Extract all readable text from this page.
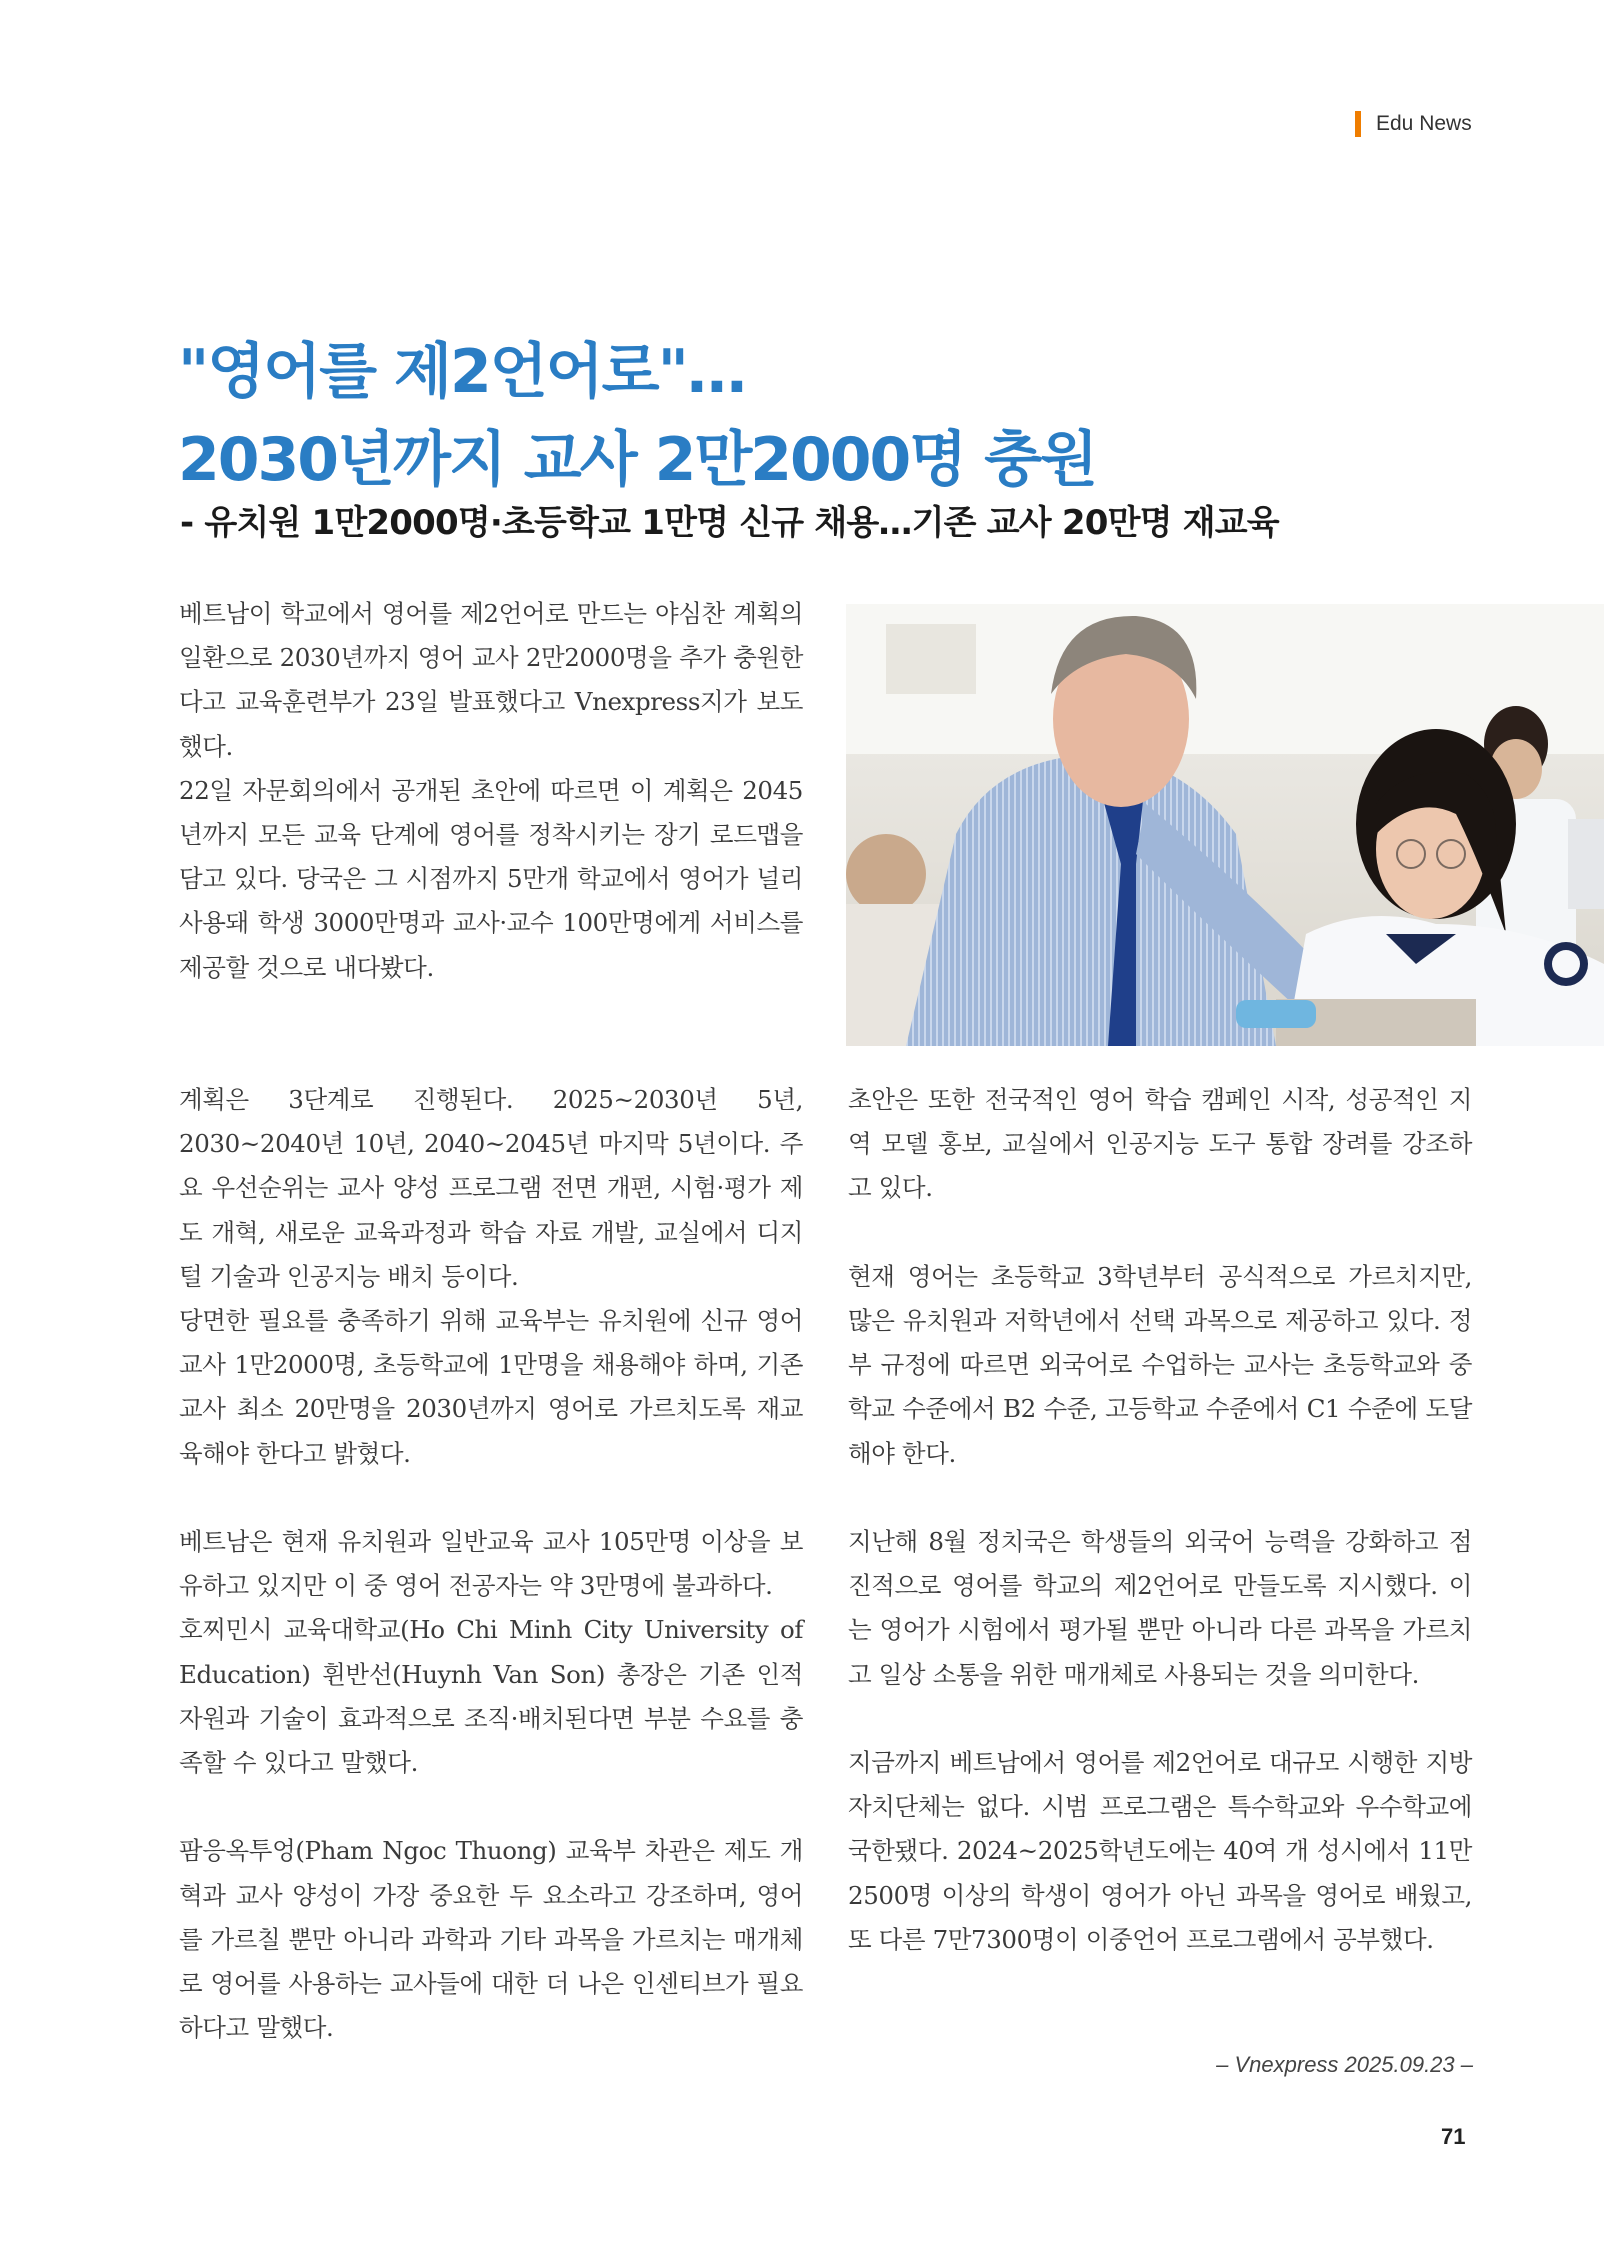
Edu News
"영어를 제2언어로"…
2030년까지 교사 2만2000명 충원
- 유치원 1만2000명·초등학교 1만명 신규 채용…기존 교사 20만명 재교육

베트남이 학교에서 영어를 제2언어로 만드는 야심찬 계획의 일환으로 2030년까지 영어 교사 2만2000명을 추가 충원한다고 교육훈련부가 23일 발표했다고 Vnexpress지가 보도했다.

22일 자문회의에서 공개된 초안에 따르면 이 계획은 2045년까지 모든 교육 단계에 영어를 정착시키는 장기 로드맵을 담고 있다. 당국은 그 시점까지 5만개 학교에서 영어가 널리 사용돼 학생 3000만명과 교사·교수 100만명에게 서비스를 제공할 것으로 내다봤다.

계획은 3단계로 진행된다. 2025~2030년 5년, 2030~2040년 10년, 2040~2045년 마지막 5년이다. 주요 우선순위는 교사 양성 프로그램 전면 개편, 시험·평가 제도 개혁, 새로운 교육과정과 학습 자료 개발, 교실에서 디지털 기술과 인공지능 배치 등이다.

당면한 필요를 충족하기 위해 교육부는 유치원에 신규 영어 교사 1만2000명, 초등학교에 1만명을 채용해야 하며, 기존 교사 최소 20만명을 2030년까지 영어로 가르치도록 재교육해야 한다고 밝혔다.

베트남은 현재 유치원과 일반교육 교사 105만명 이상을 보유하고 있지만 이 중 영어 전공자는 약 3만명에 불과하다.

호찌민시 교육대학교(Ho Chi Minh City University of Education) 휜반선(Huynh Van Son) 총장은 기존 인적 자원과 기술이 효과적으로 조직·배치된다면 부분 수요를 충족할 수 있다고 말했다.

팜응옥투엉(Pham Ngoc Thuong) 교육부 차관은 제도 개혁과 교사 양성이 가장 중요한 두 요소라고 강조하며, 영어를 가르칠 뿐만 아니라 과학과 기타 과목을 가르치는 매개체로 영어를 사용하는 교사들에 대한 더 나은 인센티브가 필요하다고 말했다.

초안은 또한 전국적인 영어 학습 캠페인 시작, 성공적인 지역 모델 홍보, 교실에서 인공지능 도구 통합 장려를 강조하고 있다.

현재 영어는 초등학교 3학년부터 공식적으로 가르치지만, 많은 유치원과 저학년에서 선택 과목으로 제공하고 있다. 정부 규정에 따르면 외국어로 수업하는 교사는 초등학교와 중학교 수준에서 B2 수준, 고등학교 수준에서 C1 수준에 도달해야 한다.

지난해 8월 정치국은 학생들의 외국어 능력을 강화하고 점진적으로 영어를 학교의 제2언어로 만들도록 지시했다. 이는 영어가 시험에서 평가될 뿐만 아니라 다른 과목을 가르치고 일상 소통을 위한 매개체로 사용되는 것을 의미한다.

지금까지 베트남에서 영어를 제2언어로 대규모 시행한 지방자치단체는 없다. 시범 프로그램은 특수학교와 우수학교에 국한됐다. 2024~2025학년도에는 40여 개 성시에서 11만2500명 이상의 학생이 영어가 아닌 과목을 영어로 배웠고, 또 다른 7만7300명이 이중언어 프로그램에서 공부했다.

– Vnexpress 2025.09.23 –
71
